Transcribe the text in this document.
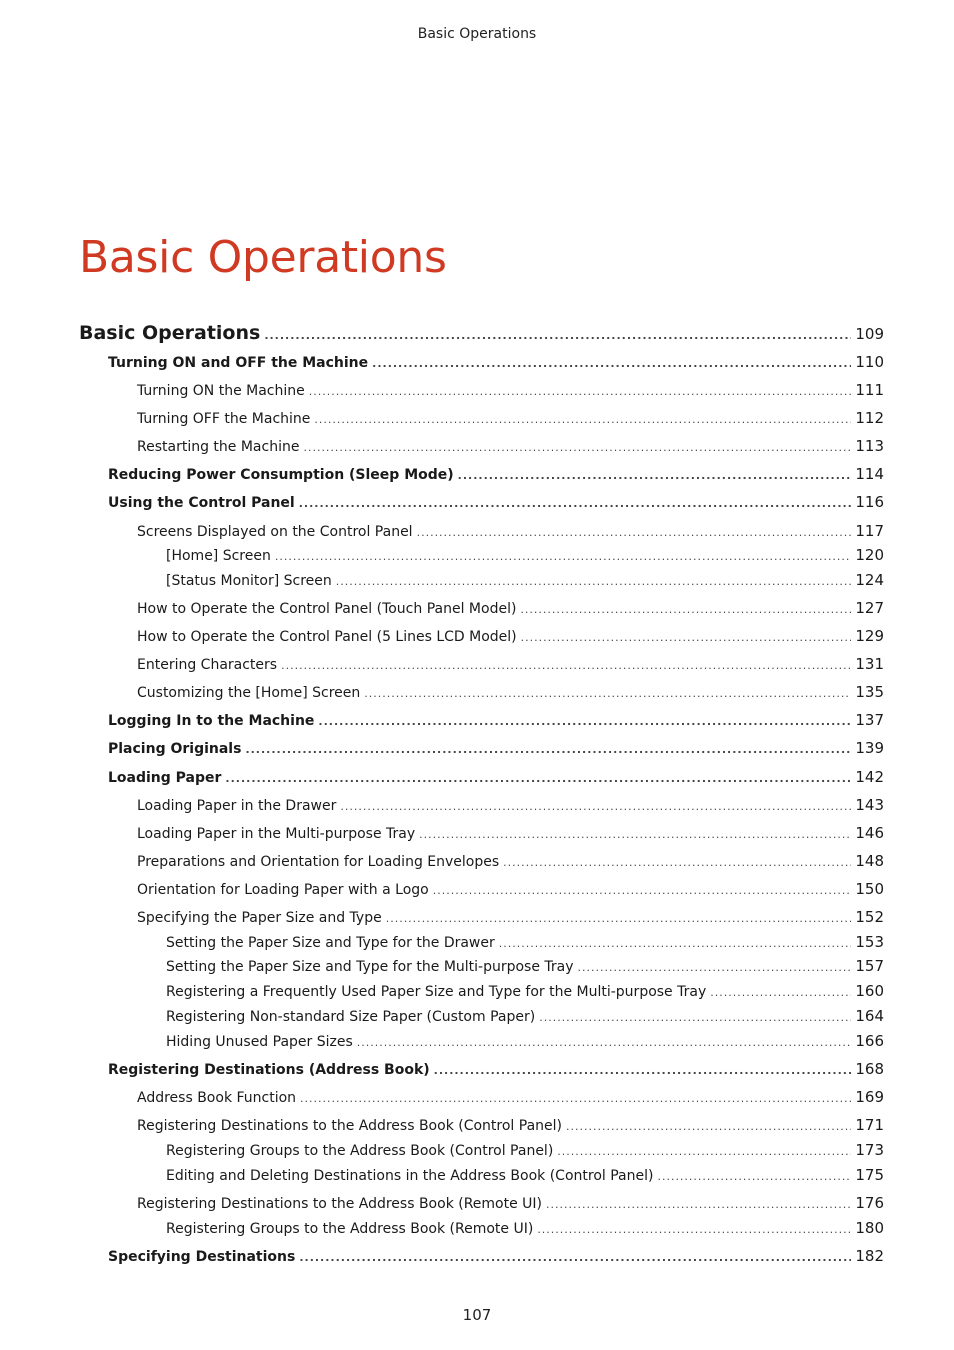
Basic Operations
Basic Operations
Basic Operations .....	109
Turning ON and OFF the Machine .....	110
Turning ON the Machine .....	111
Turning OFF the Machine .....	112
Restarting the Machine .....	113
Reducing Power Consumption (Sleep Mode) .....	114
Using the Control Panel .....	116
Screens Displayed on the Control Panel .....	117
[Home] Screen .....	120
[Status Monitor] Screen .....	124
How to Operate the Control Panel (Touch Panel Model) .....	127
How to Operate the Control Panel (5 Lines LCD Model) .....	129
Entering Characters .....	131
Customizing the [Home] Screen .....	135
Logging In to the Machine .....	137
Placing Originals .....	139
Loading Paper .....	142
Loading Paper in the Drawer .....	143
Loading Paper in the Multi-purpose Tray .....	146
Preparations and Orientation for Loading Envelopes .....	148
Orientation for Loading Paper with a Logo .....	150
Specifying the Paper Size and Type .....	152
Setting the Paper Size and Type for the Drawer .....	153
Setting the Paper Size and Type for the Multi-purpose Tray .....	157
Registering a Frequently Used Paper Size and Type for the Multi-purpose Tray .....	160
Registering Non-standard Size Paper (Custom Paper) .....	164
Hiding Unused Paper Sizes .....	166
Registering Destinations (Address Book) .....	168
Address Book Function .....	169
Registering Destinations to the Address Book (Control Panel) .....	171
Registering Groups to the Address Book (Control Panel) .....	173
Editing and Deleting Destinations in the Address Book (Control Panel) .....	175
Registering Destinations to the Address Book (Remote UI) .....	176
Registering Groups to the Address Book (Remote UI) .....	180
Specifying Destinations .....	182
107
